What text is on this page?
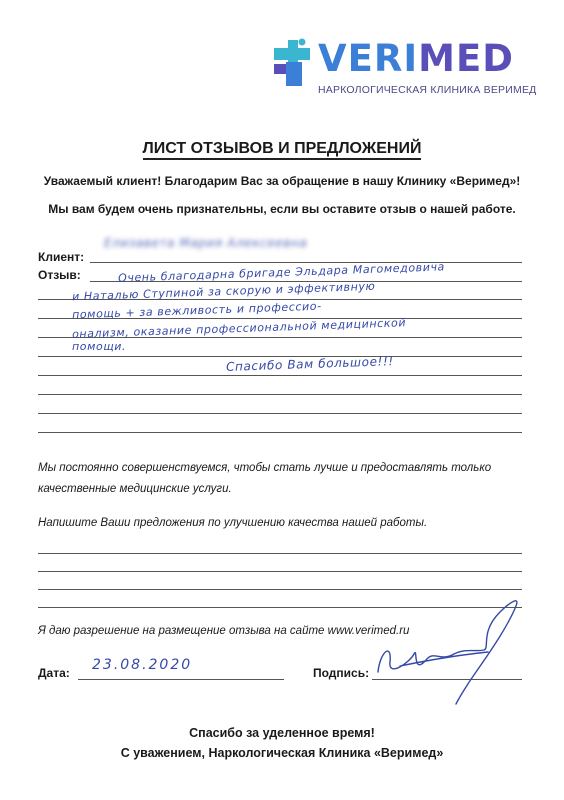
VERIMED
НАРКОЛОГИЧЕСКАЯ КЛИНИКА ВЕРИМЕД
ЛИСТ ОТЗЫВОВ И ПРЕДЛОЖЕНИЙ
Уважаемый клиент! Благодарим Вас за обращение в нашу Клинику «Веримед»!
Мы вам будем очень признательны, если вы оставите отзыв о нашей работе.
Клиент:
Елизавета Мария Алексеевна
Отзыв:	Очень благодарна бригаде Эльдара Магомедовича
и Наталью Ступиной за скорую и эффективную
помощь + за вежливость и профессио-
онализм, оказание профессиональной медицинской
помощи.
Спасибо Вам большое!!!
Мы постоянно совершенствуемся, чтобы стать лучше и предоставлять только
качественные медицинские услуги.
Напишите Ваши предложения по улучшению качества нашей работы.
Я даю разрешение на размещение отзыва на сайте www.verimed.ru
Дата: 23.08.2020	Подпись:
Спасибо за уделенное время!
С уважением, Наркологическая Клиника «Веримед»
